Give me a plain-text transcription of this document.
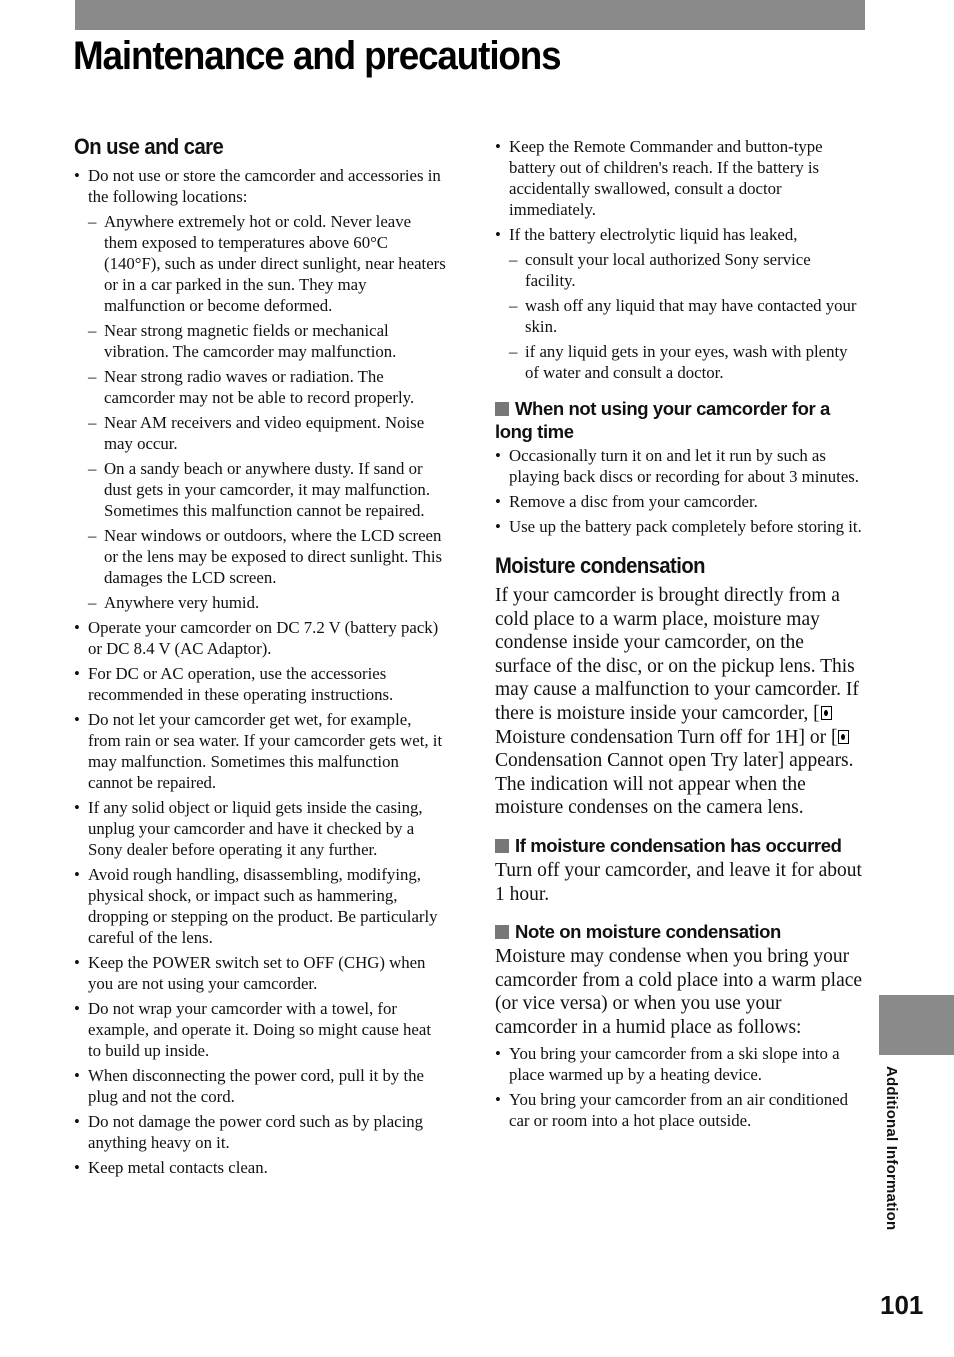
Maintenance and precautions
On use and care
• Do not use or store the camcorder and accessories in the following locations:
– Anywhere extremely hot or cold. Never leave them exposed to temperatures above 60°C (140°F), such as under direct sunlight, near heaters or in a car parked in the sun. They may malfunction or become deformed.
– Near strong magnetic fields or mechanical vibration. The camcorder may malfunction.
– Near strong radio waves or radiation. The camcorder may not be able to record properly.
– Near AM receivers and video equipment. Noise may occur.
– On a sandy beach or anywhere dusty. If sand or dust gets in your camcorder, it may malfunction. Sometimes this malfunction cannot be repaired.
– Near windows or outdoors, where the LCD screen or the lens may be exposed to direct sunlight. This damages the LCD screen.
– Anywhere very humid.
• Operate your camcorder on DC 7.2 V (battery pack) or DC 8.4 V (AC Adaptor).
• For DC or AC operation, use the accessories recommended in these operating instructions.
• Do not let your camcorder get wet, for example, from rain or sea water. If your camcorder gets wet, it may malfunction. Sometimes this malfunction cannot be repaired.
• If any solid object or liquid gets inside the casing, unplug your camcorder and have it checked by a Sony dealer before operating it any further.
• Avoid rough handling, disassembling, modifying, physical shock, or impact such as hammering, dropping or stepping on the product. Be particularly careful of the lens.
• Keep the POWER switch set to OFF (CHG) when you are not using your camcorder.
• Do not wrap your camcorder with a towel, for example, and operate it. Doing so might cause heat to build up inside.
• When disconnecting the power cord, pull it by the plug and not the cord.
• Do not damage the power cord such as by placing anything heavy on it.
• Keep metal contacts clean.
• Keep the Remote Commander and button-type battery out of children's reach. If the battery is accidentally swallowed, consult a doctor immediately.
• If the battery electrolytic liquid has leaked,
– consult your local authorized Sony service facility.
– wash off any liquid that may have contacted your skin.
– if any liquid gets in your eyes, wash with plenty of water and consult a doctor.
When not using your camcorder for a long time
• Occasionally turn it on and let it run by such as playing back discs or recording for about 3 minutes.
• Remove a disc from your camcorder.
• Use up the battery pack completely before storing it.
Moisture condensation

If your camcorder is brought directly from a cold place to a warm place, moisture may condense inside your camcorder, on the surface of the disc, or on the pickup lens. This may cause a malfunction to your camcorder. If there is moisture inside your camcorder, [Moisture condensation Turn off for 1H] or [Condensation Cannot open Try later] appears. The indication will not appear when the moisture condenses on the camera lens.

If moisture condensation has occurred

Turn off your camcorder, and leave it for about 1 hour.

Note on moisture condensation

Moisture may condense when you bring your camcorder from a cold place into a warm place (or vice versa) or when you use your camcorder in a humid place as follows:

• You bring your camcorder from a ski slope into a place warmed up by a heating device.
• You bring your camcorder from an air conditioned car or room into a hot place outside.	Additional Information
101
